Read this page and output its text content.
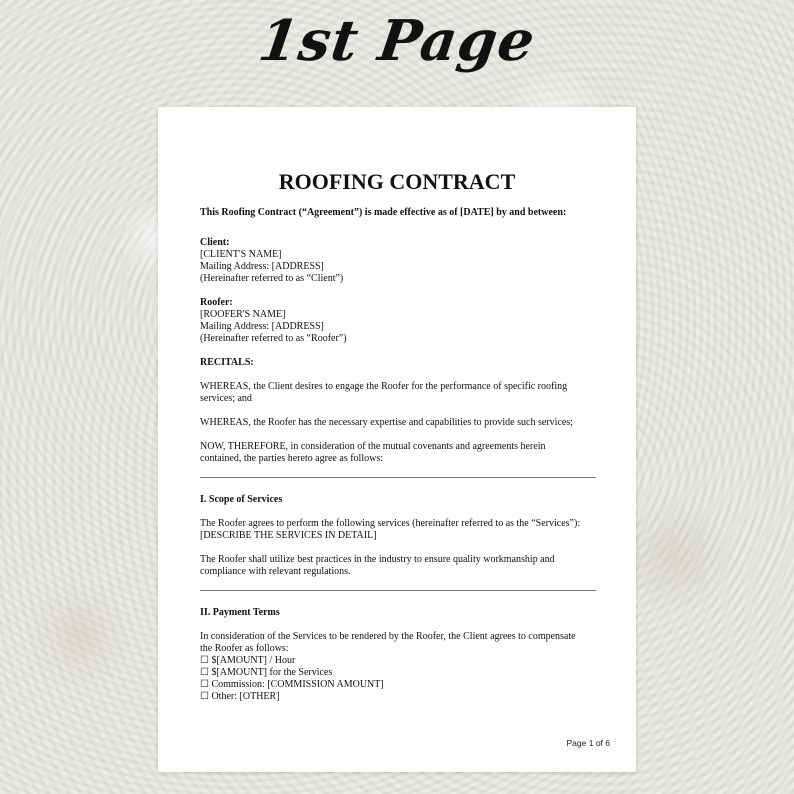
1st Page
ROOFING CONTRACT

This Roofing Contract (“Agreement”) is made effective as of [DATE] by and between:

Client:

[CLIENT'S NAME]

Mailing Address: [ADDRESS]

(Hereinafter referred to as “Client”)

Roofer:

[ROOFER'S NAME]

Mailing Address: [ADDRESS]

(Hereinafter referred to as “Roofer”)

RECITALS:

WHEREAS, the Client desires to engage the Roofer for the performance of specific roofing

services; and

WHEREAS, the Roofer has the necessary expertise and capabilities to provide such services;

NOW, THEREFORE, in consideration of the mutual covenants and agreements herein

contained, the parties hereto agree as follows:

I. Scope of Services

The Roofer agrees to perform the following services (hereinafter referred to as the “Services”):

[DESCRIBE THE SERVICES IN DETAIL]

The Roofer shall utilize best practices in the industry to ensure quality workmanship and

compliance with relevant regulations.

II. Payment Terms

In consideration of the Services to be rendered by the Roofer, the Client agrees to compensate

the Roofer as follows:

☐ $[AMOUNT] / Hour

☐ $[AMOUNT] for the Services

☐ Commission: [COMMISSION AMOUNT]

☐ Other: [OTHER]

Page 1 of 6
